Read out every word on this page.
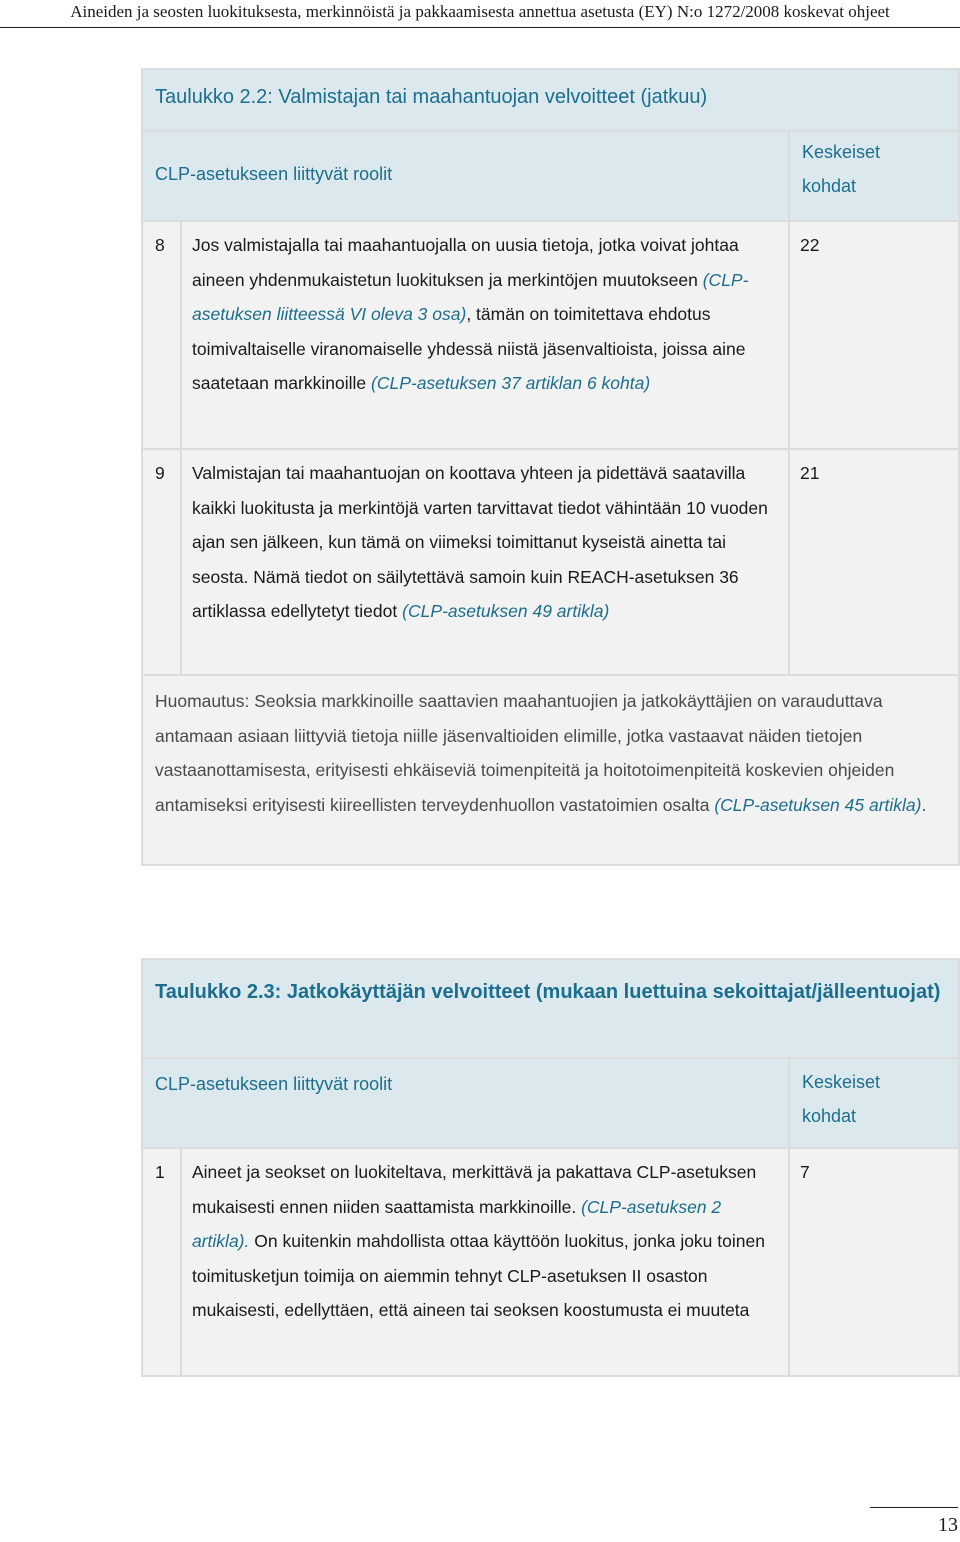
Aineiden ja seosten luokituksesta, merkinnöistä ja pakkaamisesta annettua asetusta (EY) N:o 1272/2008 koskevat ohjeet
Taulukko 2.2: Valmistajan tai maahantuojan velvoitteet (jatkuu)		

CLP-asetukseen liittyvät roolit		Keskeiset kohdat

8	Jos valmistajalla tai maahantuojalla on uusia tietoja, jotka voivat johtaa aineen yhdenmukaistetun luokituksen ja merkintöjen muutokseen (CLP-asetuksen liitteessä VI oleva 3 osa), tämän on toimitettava ehdotus toimivaltaiselle viranomaiselle yhdessä niistä jäsenvaltioista, joissa aine saatetaan markkinoille (CLP-asetuksen 37 artiklan 6 kohta)	22

9	Valmistajan tai maahantuojan on koottava yhteen ja pidettävä saatavilla kaikki luokitusta ja merkintöjä varten tarvittavat tiedot vähintään 10 vuoden ajan sen jälkeen, kun tämä on viimeksi toimittanut kyseistä ainetta tai seosta. Nämä tiedot on säilytettävä samoin kuin REACH-asetuksen 36 artiklassa edellytetyt tiedot (CLP-asetuksen 49 artikla)	21

Huomautus: Seoksia markkinoille saattavien maahantuojien ja jatkokäyttäjien on varauduttava antamaan asiaan liittyviä tietoja niille jäsenvaltioiden elimille, jotka vastaavat näiden tietojen vastaanottamisesta, erityisesti ehkäiseviä toimenpiteitä ja hoitotoimenpiteitä koskevien ohjeiden antamiseksi erityisesti kiireellisten terveydenhuollon vastatoimien osalta (CLP-asetuksen 45 artikla).		
Taulukko 2.3: Jatkokäyttäjän velvoitteet (mukaan luettuina sekoittajat/jälleentuojat)		

CLP-asetukseen liittyvät roolit		Keskeiset kohdat

1	Aineet ja seokset on luokiteltava, merkittävä ja pakattava CLP-asetuksen mukaisesti ennen niiden saattamista markkinoille. (CLP-asetuksen 2 artikla). On kuitenkin mahdollista ottaa käyttöön luokitus, jonka joku toinen toimitusketjun toimija on aiemmin tehnyt CLP-asetuksen II osaston mukaisesti, edellyttäen, että aineen tai seoksen koostumusta ei muuteta	7
13
